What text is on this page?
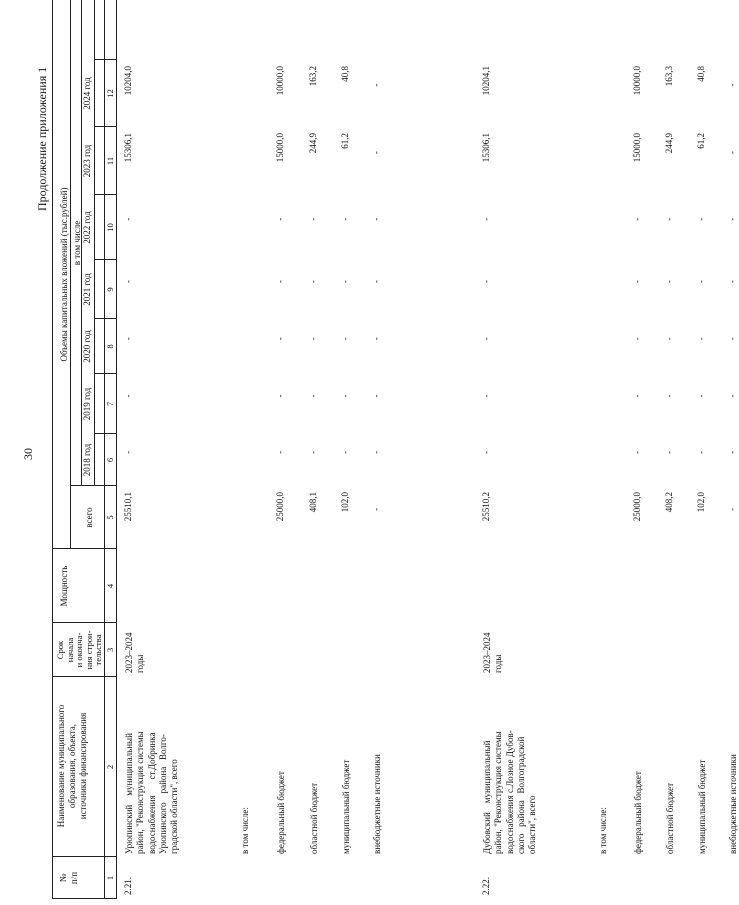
30
Продолжение приложения 1
№
п/п
Наименование муниципального
образования, объекта,
источники финансирования
Срок
начала
и оконча-
ния строи-
тельства
Мощность
Объемы капитальных вложений (тыс.рублей)
всего
в том числе
2018 год
2019 год
2020 год
2021 год
2022 год
2023 год
2024 год
1
2
3
4
5
6
7
8
9
10
11
12
2.21.
Урюпинский    муниципальный
район, "Реконструкция системы
водоснабжения       ст.Добринка
Урюпинского    района   Волго-
градской области", всего
2023–2024
годы
25510,1
-
-
-
-
-
15306,1
10204,0
в том числе:	федеральный бюджет
25000,0
-
-
-
-
-
15000,0
10000,0
областной бюджет
408,1
-
-
-
-
-
244,9
163,2
муниципальный бюджет
102,0
-
-
-
-
-
61,2
40,8
внебюджетные источники
-
-
-
-
-
-
-
-
2.22.
Дубовский    муниципальный
район, "Реконструкция системы
водоснабжения с.Лозное Дубов-
ского   района   Волгоградской
области", всего
2023–2024
годы
25510,2
-
-
-
-
-
15306,1
10204,1
в том числе:	федеральный бюджет
25000,0
-
-
-
-
-
15000,0
10000,0
областной бюджет
408,2
-
-
-
-
-
244,9
163,3
муниципальный бюджет
102,0
-
-
-
-
-
61,2
40,8
внебюджетные источники
-
-
-
-
-
-
-
-
